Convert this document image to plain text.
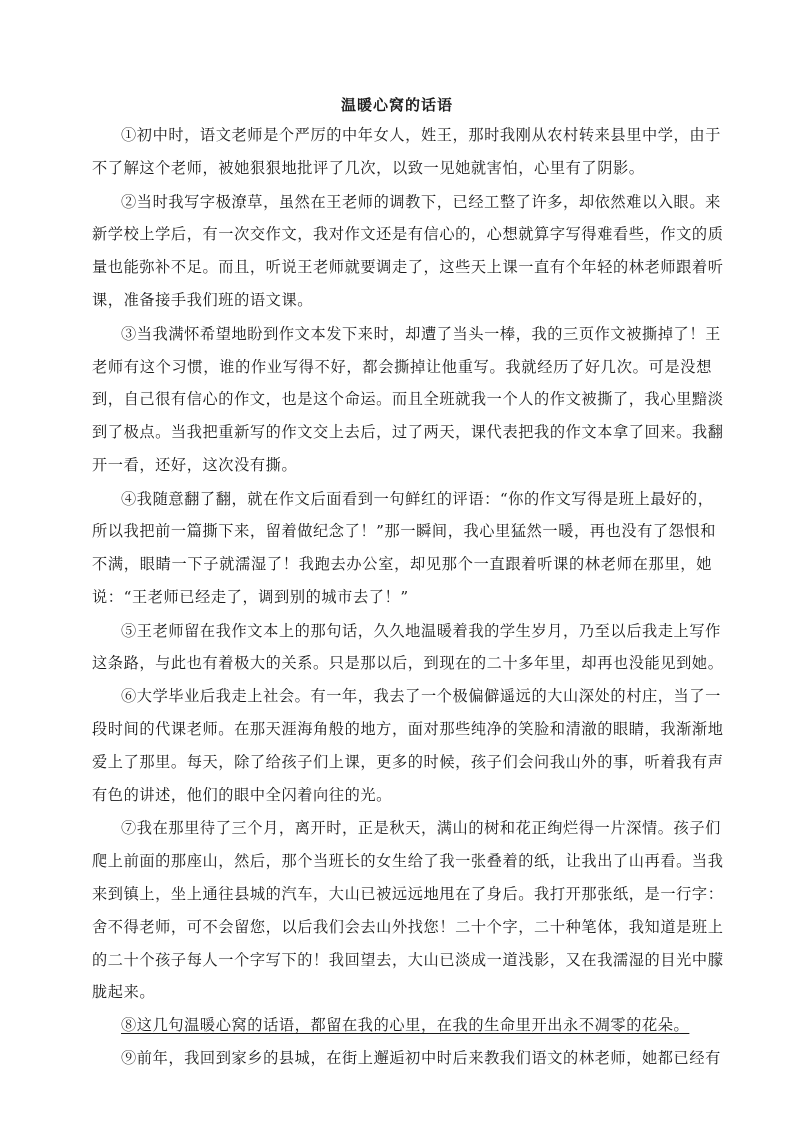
温暖心窝的话语
①初中时，语文老师是个严厉的中年女人，姓王，那时我刚从农村转来县里中学，由于
不了解这个老师，被她狠狠地批评了几次，以致一见她就害怕，心里有了阴影。
②当时我写字极潦草，虽然在王老师的调教下，已经工整了许多，却依然难以入眼。来
新学校上学后，有一次交作文，我对作文还是有信心的，心想就算字写得难看些，作文的质
量也能弥补不足。而且，听说王老师就要调走了，这些天上课一直有个年轻的林老师跟着听
课，准备接手我们班的语文课。
③当我满怀希望地盼到作文本发下来时，却遭了当头一棒，我的三页作文被撕掉了！王
老师有这个习惯，谁的作业写得不好，都会撕掉让他重写。我就经历了好几次。可是没想
到，自己很有信心的作文，也是这个命运。而且全班就我一个人的作文被撕了，我心里黯淡
到了极点。当我把重新写的作文交上去后，过了两天，课代表把我的作文本拿了回来。我翻
开一看，还好，这次没有撕。
④我随意翻了翻，就在作文后面看到一句鲜红的评语：“你的作文写得是班上最好的，
所以我把前一篇撕下来，留着做纪念了！”那一瞬间，我心里猛然一暖，再也没有了怨恨和
不满，眼睛一下子就濡湿了！我跑去办公室，却见那个一直跟着听课的林老师在那里，她
说：“王老师已经走了，调到别的城市去了！”
⑤王老师留在我作文本上的那句话，久久地温暖着我的学生岁月，乃至以后我走上写作
这条路，与此也有着极大的关系。只是那以后，到现在的二十多年里，却再也没能见到她。
⑥大学毕业后我走上社会。有一年，我去了一个极偏僻遥远的大山深处的村庄，当了一
段时间的代课老师。在那天涯海角般的地方，面对那些纯净的笑脸和清澈的眼睛，我渐渐地
爱上了那里。每天，除了给孩子们上课，更多的时候，孩子们会问我山外的事，听着我有声
有色的讲述，他们的眼中全闪着向往的光。
⑦我在那里待了三个月，离开时，正是秋天，满山的树和花正绚烂得一片深情。孩子们
爬上前面的那座山，然后，那个当班长的女生给了我一张叠着的纸，让我出了山再看。当我
来到镇上，坐上通往县城的汽车，大山已被远远地甩在了身后。我打开那张纸，是一行字：
舍不得老师，可不会留您，以后我们会去山外找您！二十个字，二十种笔体，我知道是班上
的二十个孩子每人一个字写下的！我回望去，大山已淡成一道浅影，又在我濡湿的目光中朦
胧起来。
⑧这几句温暖心窝的话语，都留在我的心里，在我的生命里开出永不凋零的花朵。
⑨前年，我回到家乡的县城，在街上邂逅初中时后来教我们语文的林老师，她都已经有
